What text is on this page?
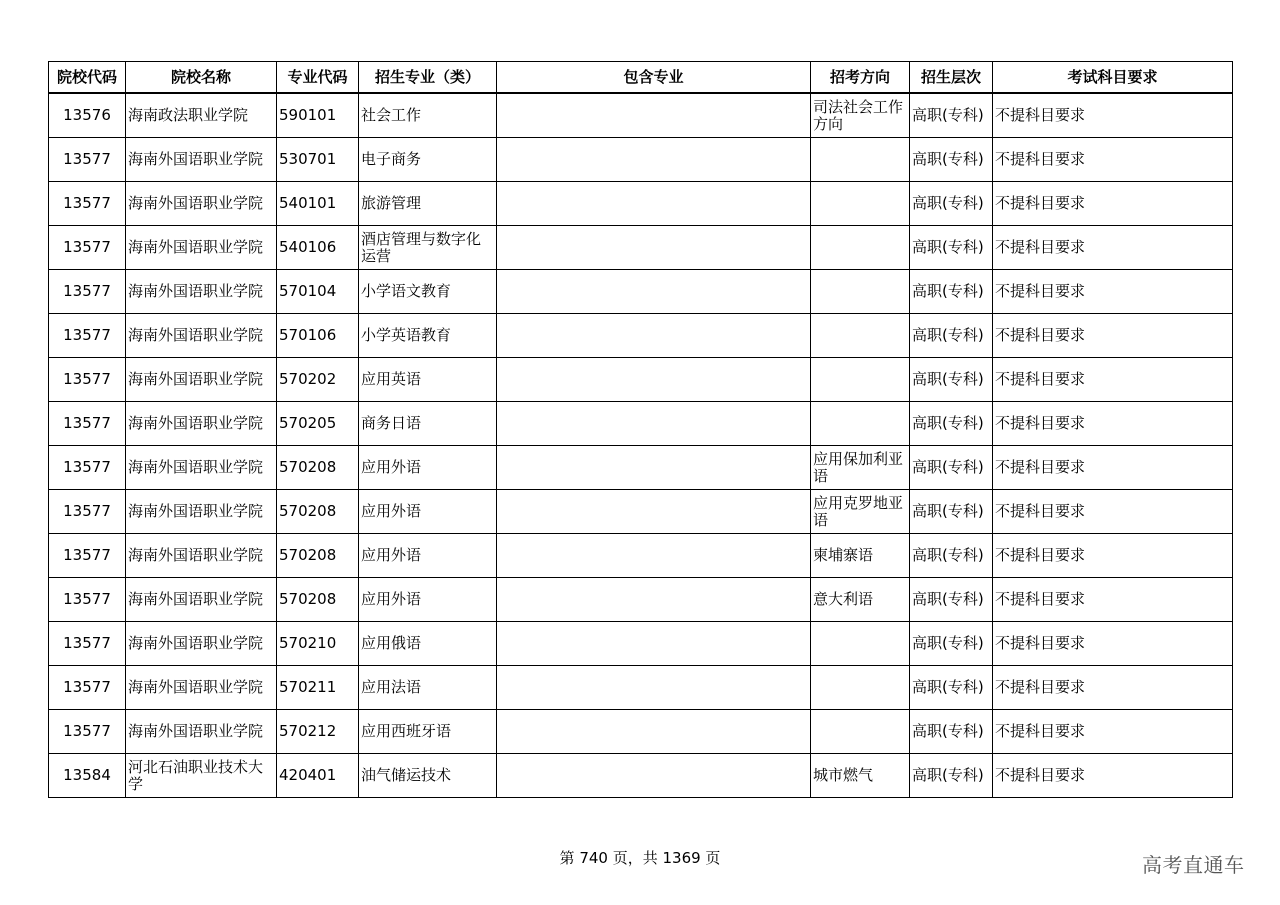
院校代码	院校名称	专业代码	招生专业（类）	包含专业	招考方向	招生层次	考试科目要求
13576	海南政法职业学院	590101	社会工作		司法社会工作方向	高职(专科)	不提科目要求
13577	海南外国语职业学院	530701	电子商务			高职(专科)	不提科目要求
13577	海南外国语职业学院	540101	旅游管理			高职(专科)	不提科目要求
13577	海南外国语职业学院	540106	酒店管理与数字化运营			高职(专科)	不提科目要求
13577	海南外国语职业学院	570104	小学语文教育			高职(专科)	不提科目要求
13577	海南外国语职业学院	570106	小学英语教育			高职(专科)	不提科目要求
13577	海南外国语职业学院	570202	应用英语			高职(专科)	不提科目要求
13577	海南外国语职业学院	570205	商务日语			高职(专科)	不提科目要求
13577	海南外国语职业学院	570208	应用外语		应用保加利亚语	高职(专科)	不提科目要求
13577	海南外国语职业学院	570208	应用外语		应用克罗地亚语	高职(专科)	不提科目要求
13577	海南外国语职业学院	570208	应用外语		柬埔寨语	高职(专科)	不提科目要求
13577	海南外国语职业学院	570208	应用外语		意大利语	高职(专科)	不提科目要求
13577	海南外国语职业学院	570210	应用俄语			高职(专科)	不提科目要求
13577	海南外国语职业学院	570211	应用法语			高职(专科)	不提科目要求
13577	海南外国语职业学院	570212	应用西班牙语			高职(专科)	不提科目要求
13584	河北石油职业技术大学	420401	油气储运技术		城市燃气	高职(专科)	不提科目要求
第 740 页，共 1369 页	高考直通车
